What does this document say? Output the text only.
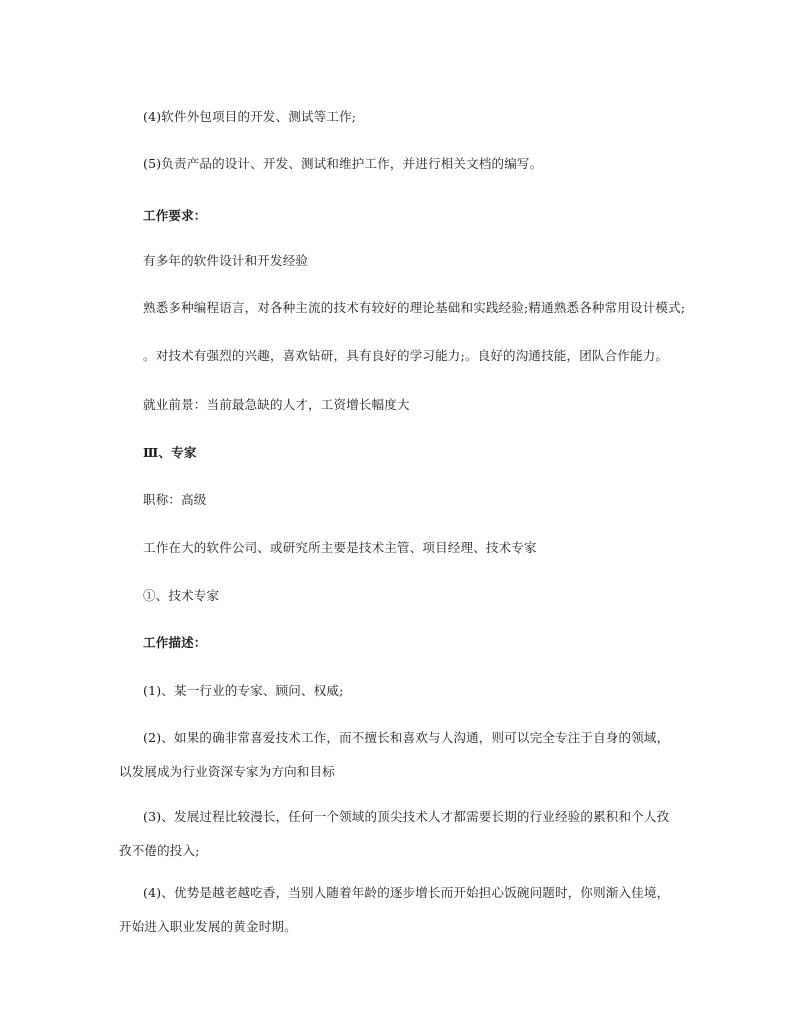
(4)软件外包项目的开发、测试等工作;
(5)负责产品的设计、开发、测试和维护工作，并进行相关文档的编写。
工作要求：
有多年的软件设计和开发经验
熟悉多种编程语言，对各种主流的技术有较好的理论基础和实践经验;精通熟悉各种常用设计模式;
。对技术有强烈的兴趣，喜欢钻研，具有良好的学习能力;。良好的沟通技能，团队合作能力。
就业前景：当前最急缺的人才，工资增长幅度大
Ⅲ、专家
职称：高级
工作在大的软件公司、或研究所主要是技术主管、项目经理、技术专家
①、技术专家
工作描述：
(1)、某一行业的专家、顾问、权威;
(2)、如果的确非常喜爱技术工作，而不擅长和喜欢与人沟通，则可以完全专注于自身的领域，以发展成为行业资深专家为方向和目标
(3)、发展过程比较漫长，任何一个领域的顶尖技术人才都需要长期的行业经验的累积和个人孜孜不倦的投入;
(4)、优势是越老越吃香，当别人随着年龄的逐步增长而开始担心饭碗问题时，你则渐入佳境，开始进入职业发展的黄金时期。
